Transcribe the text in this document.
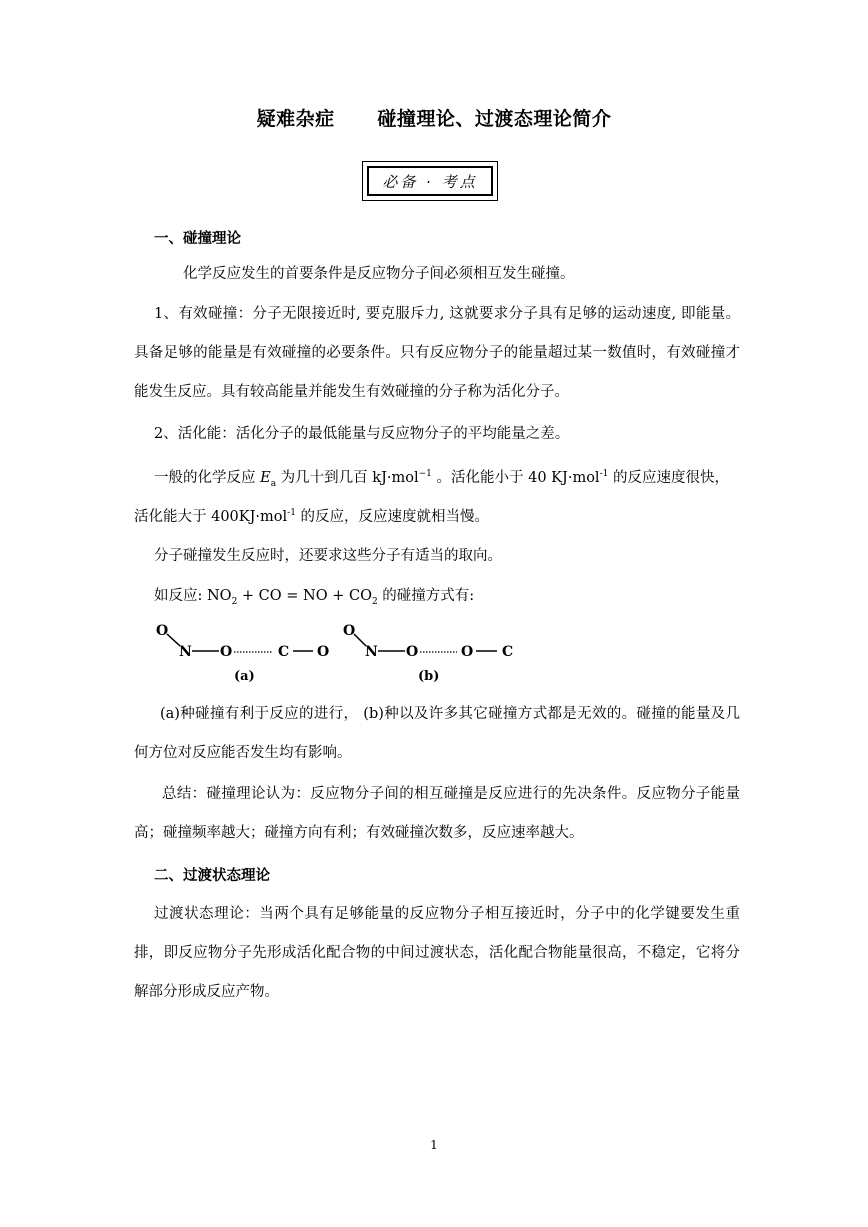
疑难杂症      碰撞理论、过渡态理论简介
必备 · 考点
一、碰撞理论
化学反应发生的首要条件是反应物分子间必须相互发生碰撞。
1、有效碰撞：分子无限接近时, 要克服斥力, 这就要求分子具有足够的运动速度, 即能量。 具备足够的能量是有效碰撞的必要条件。只有反应物分子的能量超过某一数值时，有效碰撞才能发生反应。具有较高能量并能发生有效碰撞的分子称为活化分子。
2、活化能：活化分子的最低能量与反应物分子的平均能量之差。
一般的化学反应 $E_a$ 为几十到几百 kJ·mol$^{-1}$ 。活化能小于 40 KJ·mol$^{-1}$ 的反应速度很快，
活化能大于 400KJ·mol$^{-1}$ 的反应，反应速度就相当慢。
分子碰撞发生反应时，还要求这些分子有适当的取向。
如反应: $NO_2$ + CO = NO + $CO_2$ 的碰撞方式有:
O
N O	C O
(a)
O
N O	O C
(b)
(a)种碰撞有利于反应的进行， (b)种以及许多其它碰撞方式都是无效的。碰撞的能量及几何方位对反应能否发生均有影响。
总结：碰撞理论认为：反应物分子间的相互碰撞是反应进行的先决条件。反应物分子能量高；碰撞频率越大；碰撞方向有利；有效碰撞次数多，反应速率越大。
二、过渡状态理论
过渡状态理论：当两个具有足够能量的反应物分子相互接近时，分子中的化学键要发生重排，即反应物分子先形成活化配合物的中间过渡状态，活化配合物能量很高，不稳定，它将分解部分形成反应产物。
1
